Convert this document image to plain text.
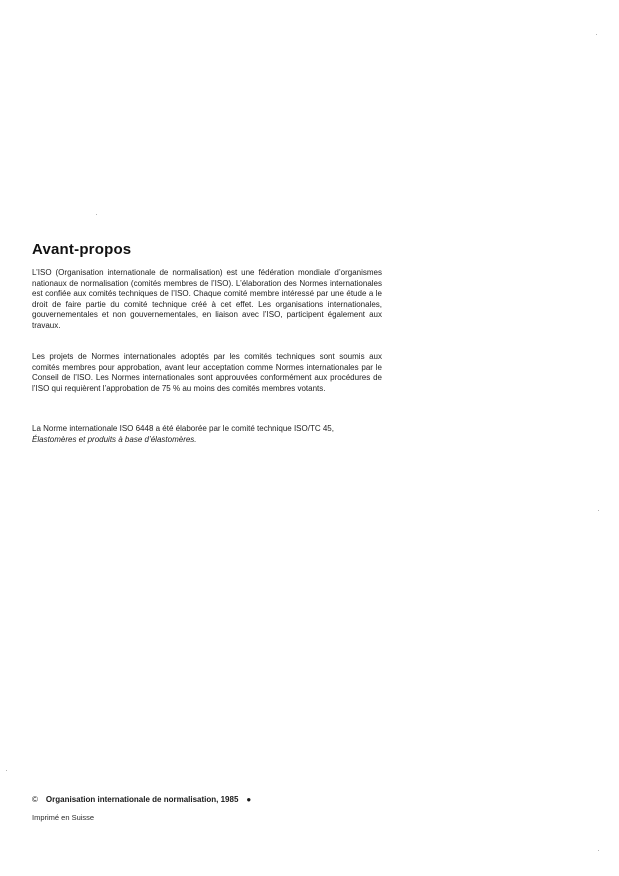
Avant-propos

L’ISO (Organisation internationale de normalisation) est une fédération mondiale d’organismes nationaux de normalisation (comités membres de l’ISO). L’élaboration des Normes internationales est confiée aux comités techniques de l’ISO. Chaque comité membre intéressé par une étude a le droit de faire partie du comité technique créé à cet effet. Les organisations internationales, gouvernementales et non gouvernementales, en liaison avec l’ISO, participent également aux travaux.

Les projets de Normes internationales adoptés par les comités techniques sont soumis aux comités membres pour approbation, avant leur acceptation comme Normes internationales par le Conseil de l’ISO. Les Normes internationales sont approuvées conformément aux procédures de l’ISO qui requièrent l’approbation de 75 % au moins des comités membres votants.

La Norme internationale ISO 6448 a été élaborée par le comité technique ISO/TC 45,
Élastomères et produits à base d’élastomères.

© Organisation internationale de normalisation, 1985 ●
Imprimé en Suisse
